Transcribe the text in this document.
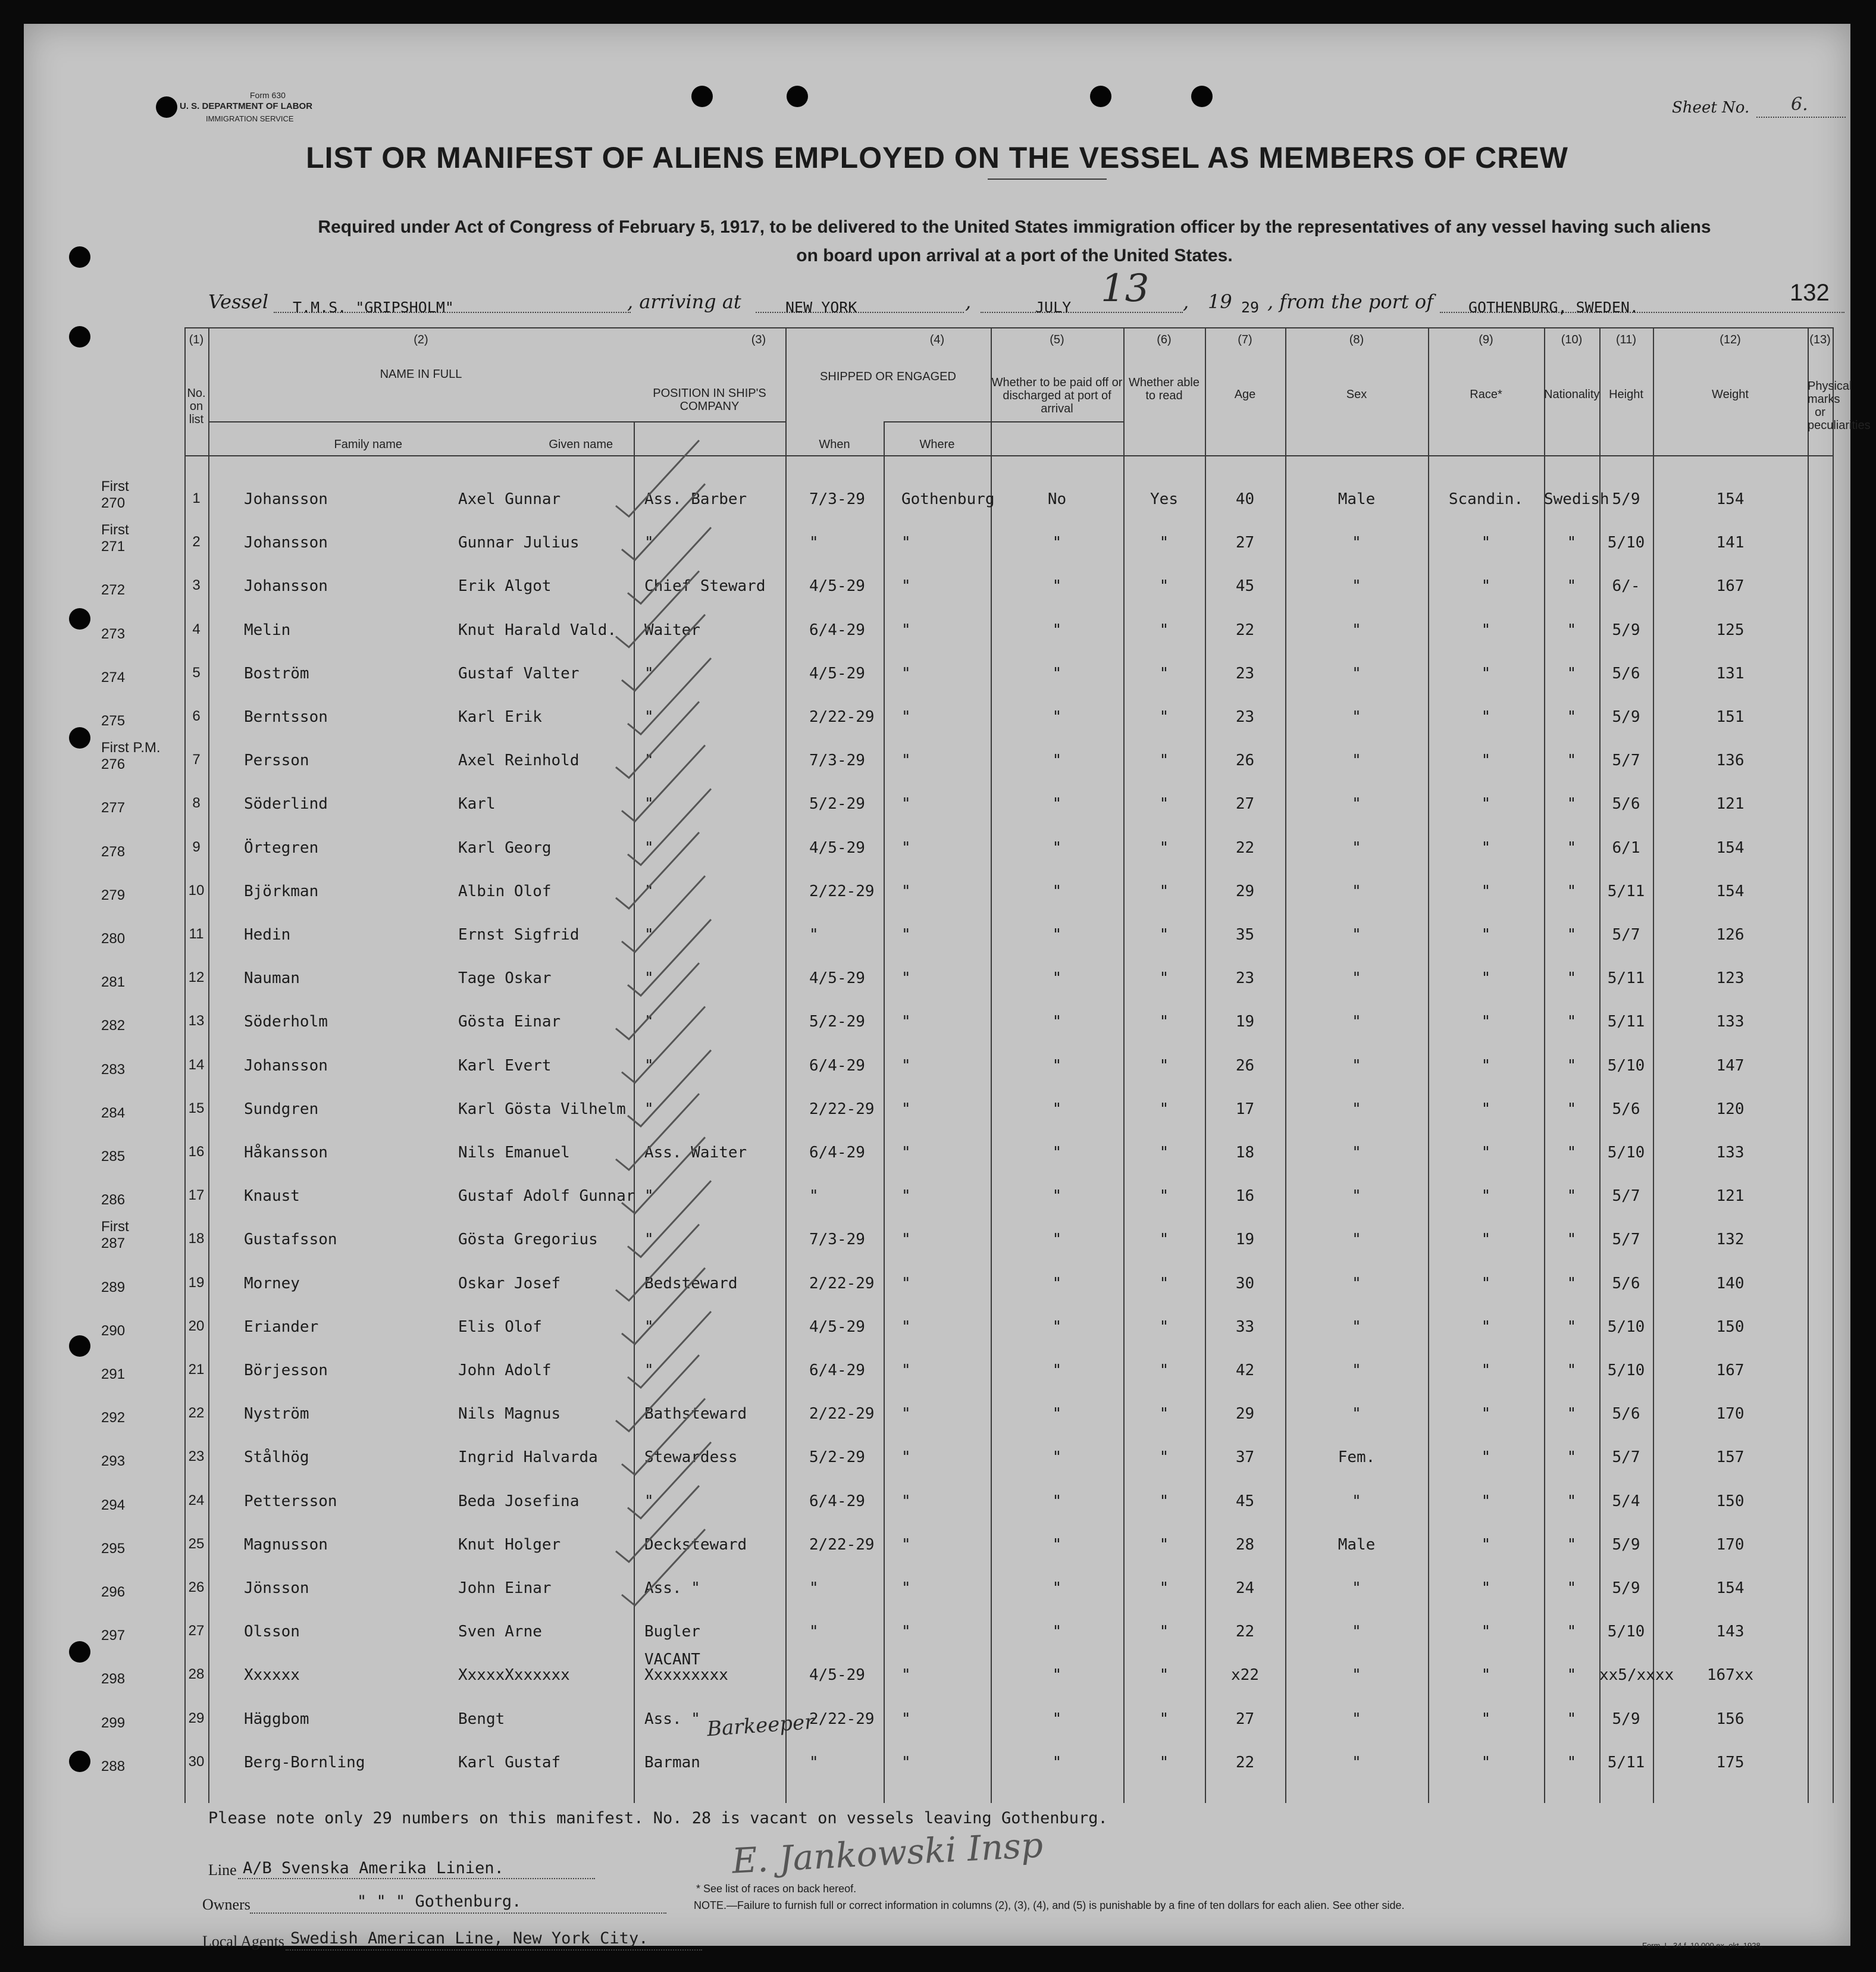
Form 630
U. S. DEPARTMENT OF LABOR
IMMIGRATION SERVICE
Sheet No. 6.
LIST OR MANIFEST OF ALIENS EMPLOYED ON THE VESSEL AS MEMBERS OF CREW
Required under Act of Congress of February 5, 1917, to be delivered to the United States immigration officer by the representatives of any vessel having such aliens
on board upon arrival at a port of the United States.
Vessel T.M.S. "GRIPSHOLM"	, arriving at	NEW YORK	,	JULY 13 , 19 29 , from the port of GOTHENBURG, SWEDEN.
132
(1)	(2)	(3)	(4)	(5)	(6)	(7)	(8)	(9)	(10)	(11)	(12)	(13)
No. on list
NAME IN FULL
Family name	Given name
POSITION IN SHIP'S COMPANY
SHIPPED OR ENGAGED
When	Where
Whether to be paid off or discharged at port of arrival
Whether able to read	Age	Sex	Race*	Nationality Height	Weight
Physical marks or peculiarities
270	1	Johansson	Axel Gunnar	Ass. Barber	7/3-29 Gothenburg	No	Yes	40	Male	Scandin.	Swedish 5/9	154
First
271	2	Johansson	Gunnar Julius	"	"	"	"	"	27	"	"	"	5/10	141
First
272	3	Johansson	Erik Algot	Chief Steward	4/5-29 "	"	"	45	"	"	"	6/-	167
273	4	Melin	Knut Harald Vald. Waiter	6/4-29 "	"	"	22	"	"	"	5/9	125
274	5	Boström	Gustaf Valter	"	4/5-29 "	"	"	23	"	"	"	5/6	131
275	6	Berntsson	Karl Erik	"	2/22-29 "	"	"	23	"	"	"	5/9	151
276	7	Persson	Axel Reinhold	"	7/3-29 "	"	"	26	"	"	"	5/7	136
First P.M.
277	8	Söderlind	Karl	"	5/2-29 "	"	"	27	"	"	"	5/6	121
278	9	Örtegren	Karl Georg	"	4/5-29 "	"	"	22	"	"	"	6/1	154
279	10	Björkman	Albin Olof	"	2/22-29 "	"	"	29	"	"	"	5/11	154
280	11	Hedin	Ernst Sigfrid	"	"	"	"	"	35	"	"	"	5/7	126
281	12	Nauman	Tage Oskar	"	4/5-29 "	"	"	23	"	"	"	5/11	123
282	13	Söderholm	Gösta Einar	"	5/2-29 "	"	"	19	"	"	"	5/11	133
283	14	Johansson	Karl Evert	"	6/4-29 "	"	"	26	"	"	"	5/10	147
284	15	Sundgren	Karl Gösta Vilhelm "	2/22-29 "	"	"	17	"	"	"	5/6	120
285	16	Håkansson	Nils Emanuel	Ass. Waiter	6/4-29 "	"	"	18	"	"	"	5/10	133
286	17	Knaust	Gustaf Adolf Gunnar "	"	"	"	"	16	"	"	"	5/7	121
287	18	Gustafsson	Gösta Gregorius	"	7/3-29 "	"	"	19	"	"	"	5/7	132
First
289	19	Morney	Oskar Josef	Bedsteward	2/22-29 "	"	"	30	"	"	"	5/6	140
290	20	Eriander	Elis Olof	"	4/5-29 "	"	"	33	"	"	"	5/10	150
291	21	Börjesson	John Adolf	"	6/4-29 "	"	"	42	"	"	"	5/10	167
292	22	Nyström	Nils Magnus	Bathsteward	2/22-29 "	"	"	29	"	"	"	5/6	170
293	23	Stålhög	Ingrid Halvarda	Stewardess	5/2-29 "	"	"	37	Fem.	"	"	5/7	157
294	24	Pettersson	Beda Josefina	"	6/4-29 "	"	"	45	"	"	"	5/4	150
295	25	Magnusson	Knut Holger	Decksteward	2/22-29 "	"	"	28	Male	"	"	5/9	170
296	26	Jönsson	John Einar	Ass. "	"	"	"	"	24	"	"	"	5/9	154
297	27	Olsson	Sven Arne	Bugler	"	"	"	"	22	"	"	"	5/10	143
298	28	Xxxxxx	XxxxxXxxxxxx	Xxxxxxxxx	4/5-29 "	"	"	x22	"	"	"	xx5/xxxx	167xx
VACANT
299	29	Häggbom	Bengt	Ass. "	2/22-29 "	"	"	27	"	"	"	5/9	156
288	30	Berg-Bornling	Karl Gustaf	Barman	"	"	"	"	22	"	"	"	5/11	175
Barkeeper
Please note only 29 numbers on this manifest. No. 28 is vacant on vessels leaving Gothenburg.
E. Jankowski Insp
Line A/B Svenska Amerika Linien.
Owners	" " " Gothenburg.
Local Agents Swedish American Line, New York City.
* See list of races on back hereof.
NOTE.—Failure to furnish full or correct information in columns (2), (3), (4), and (5) is punishable by a fine of ten dollars for each alien. See other side.
Form. L. 34 f. 10,000 ex. okt. 1928.
